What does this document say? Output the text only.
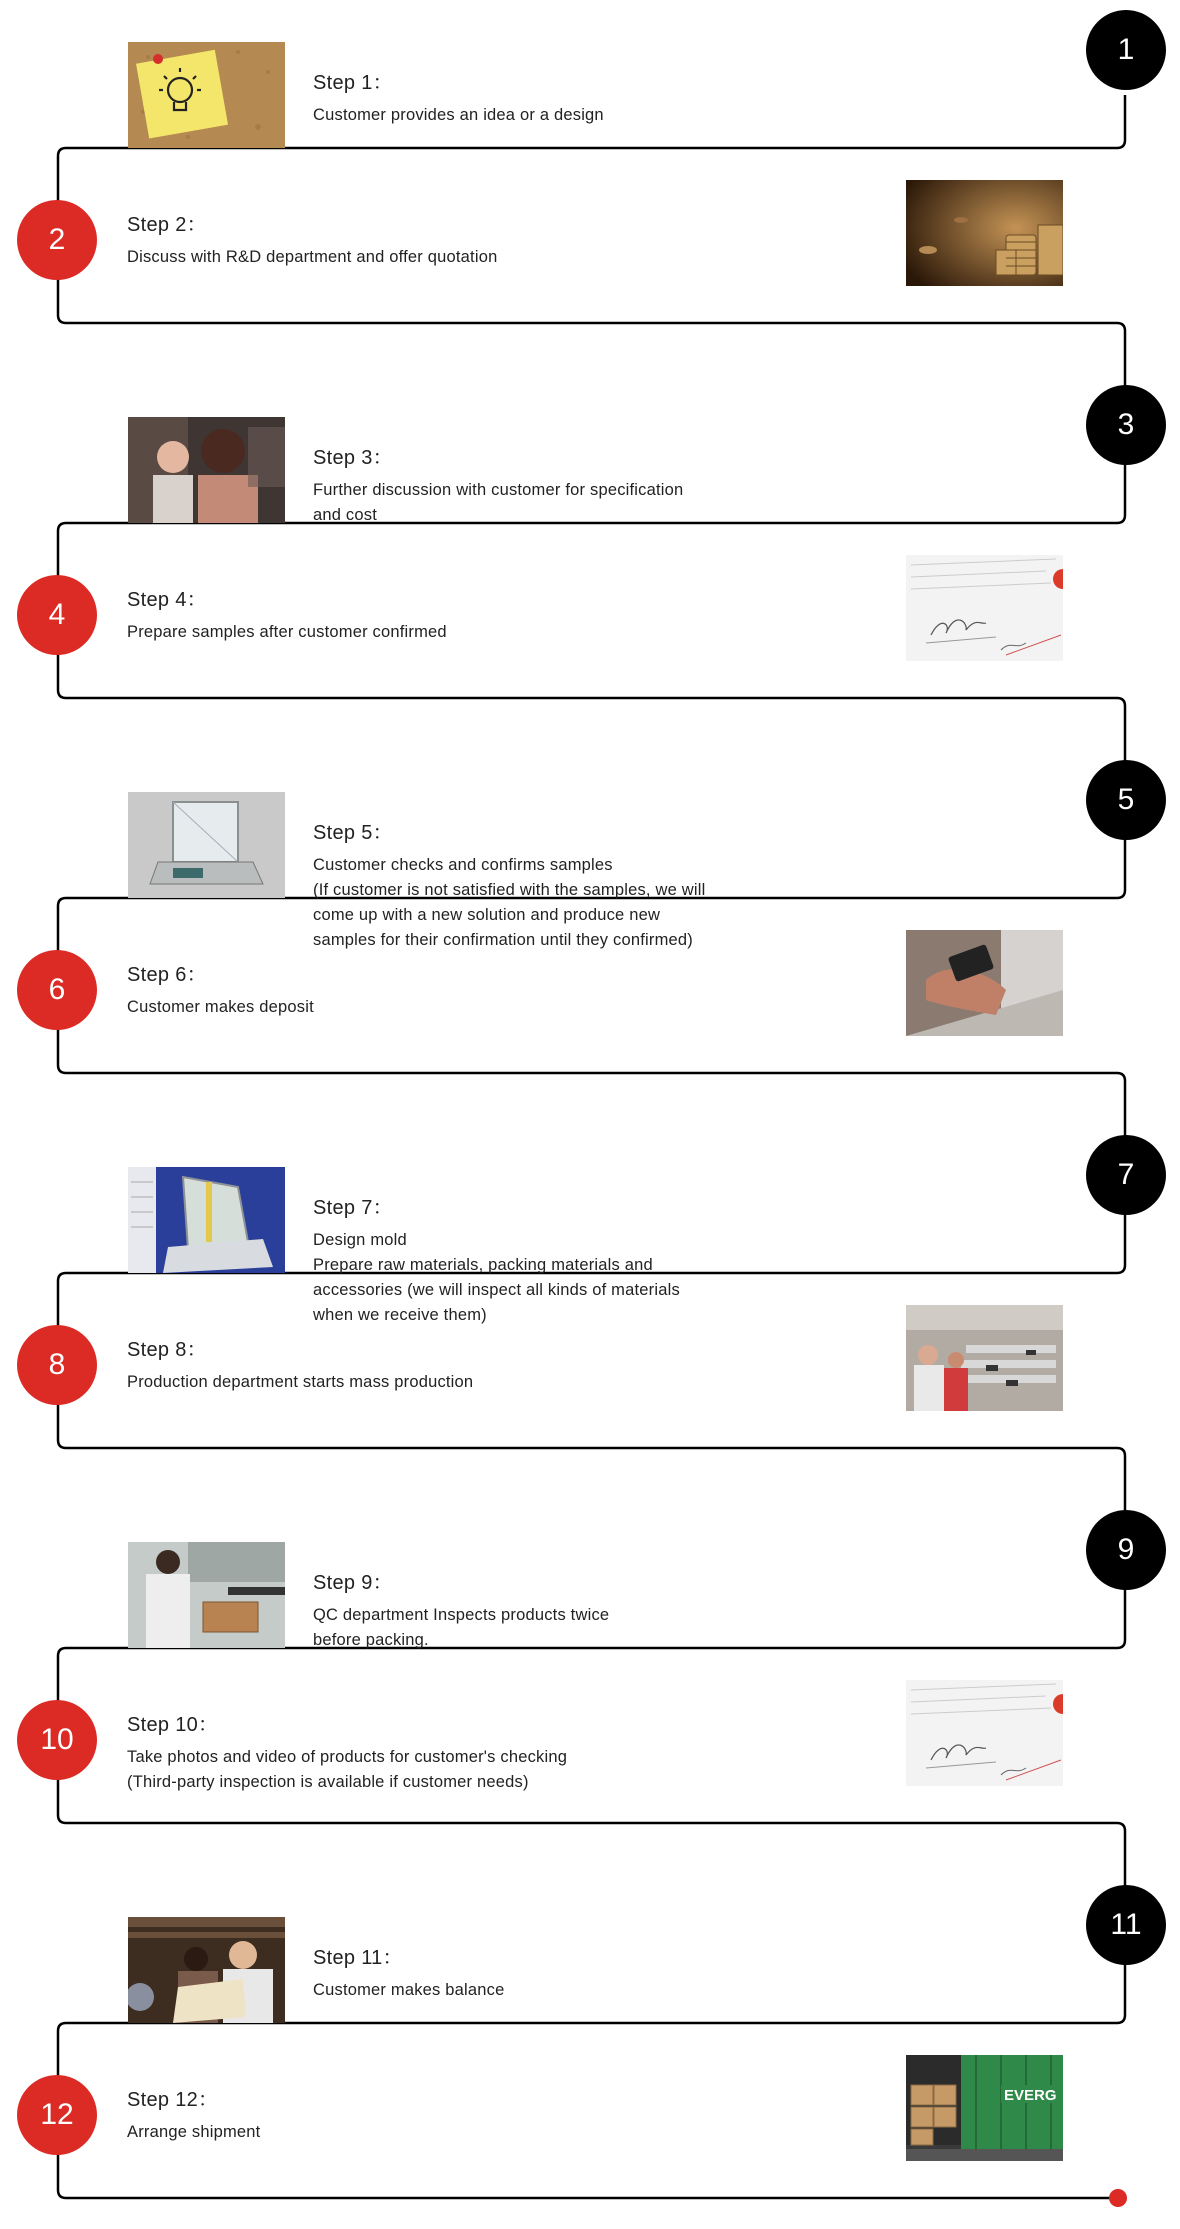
1
Step 1：
Customer provides an idea or a design
2	Step 2：
Discuss with R&D department and offer quotation
3
Step 3：
Further discussion with customer for specification
and cost
4	Step 4：
Prepare samples after customer confirmed
5
Step 5：
Customer checks and confirms samples
(If customer is not satisfied with the samples, we will
come up with a new solution and produce new
samples for their confirmation until they confirmed)
6	Step 6：
Customer makes deposit
7
Step 7：
Design mold
Prepare raw materials, packing materials and
accessories (we will inspect all kinds of materials
when we receive them)
8	Step 8：
Production department starts mass production
9
Step 9：
QC department Inspects products twice
before packing.
10	Step 10：
Take photos and video of products for customer's checking
(Third-party inspection is available if customer needs)
11
Step 11：
Customer makes balance
12
EVERG
Step 12：
Arrange shipment
